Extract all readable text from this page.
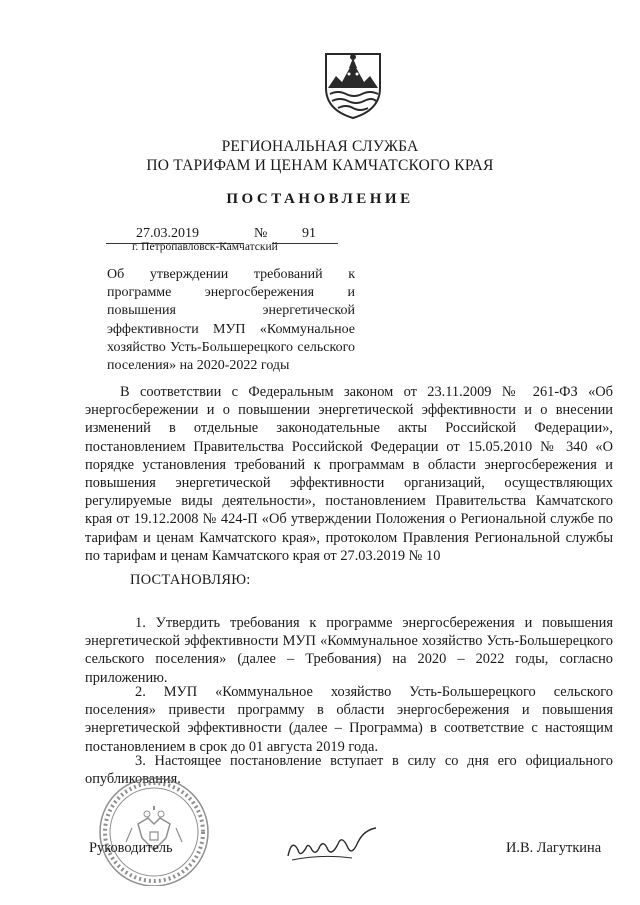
РЕГИОНАЛЬНАЯ СЛУЖБА
ПО ТАРИФАМ И ЦЕНАМ КАМЧАТСКОГО КРАЯ
ПОСТАНОВЛЕНИЕ
27.03.2019	№ 91
г. Петропавловск-Камчатский
Об утверждении требований к программе энергосбережения и повышения энергетической эффективности МУП «Коммунальное хозяйство Усть-Большерецкого сельского поселения» на 2020-2022 годы
В соответствии с Федеральным законом от 23.11.2009 № 261-ФЗ «Об энергосбережении и о повышении энергетической эффективности и о внесении изменений в отдельные законодательные акты Российской Федерации», постановлением Правительства Российской Федерации от 15.05.2010 № 340 «О порядке установления требований к программам в области энергосбережения и повышения энергетической эффективности организаций, осуществляющих регулируемые виды деятельности», постановлением Правительства Камчатского края от 19.12.2008 № 424-П «Об утверждении Положения о Региональной службе по тарифам и ценам Камчатского края», протоколом Правления Региональной службы по тарифам и ценам Камчатского края от 27.03.2019 № 10
ПОСТАНОВЛЯЮ:
1. Утвердить требования к программе энергосбережения и повышения энергетической эффективности МУП «Коммунальное хозяйство Усть-Большерецкого сельского поселения» (далее – Требования) на 2020 – 2022 годы, согласно приложению.
2. МУП «Коммунальное хозяйство Усть-Большерецкого сельского поселения» привести программу в области энергосбережения и повышения энергетической эффективности (далее – Программа) в соответствие с настоящим постановлением в срок до 01 августа 2019 года.
3. Настоящее постановление вступает в силу со дня его официального опубликования.
Руководитель	И.В. Лагуткина
